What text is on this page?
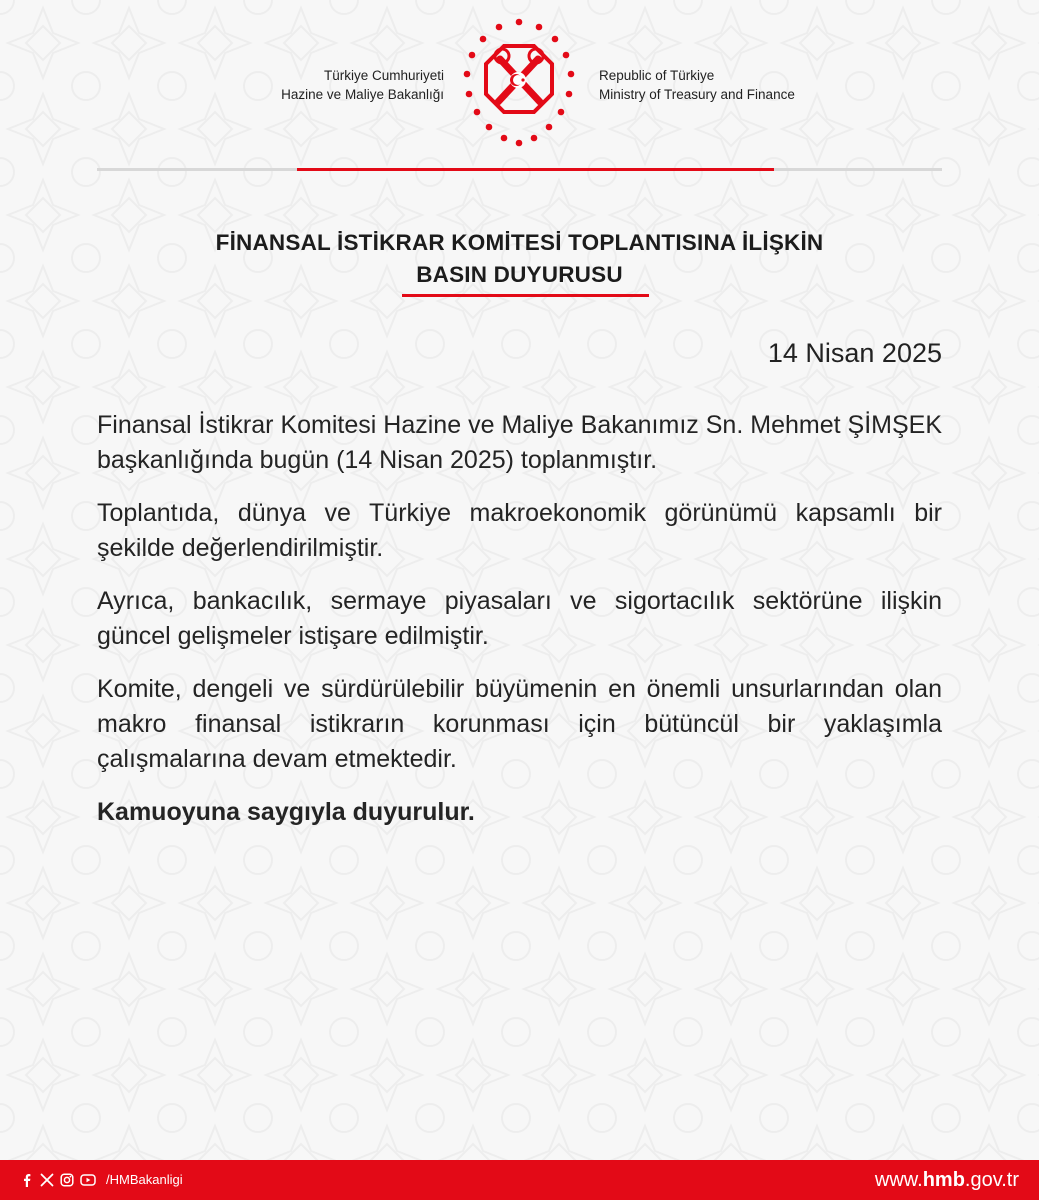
Türkiye Cumhuriyeti
Hazine ve Maliye Bakanlığı
Republic of Türkiye
Ministry of Treasury and Finance
FİNANSAL İSTİKRAR KOMİTESİ TOPLANTISINA İLİŞKİN
BASIN DUYURUSU
14 Nisan 2025

Finansal İstikrar Komitesi Hazine ve Maliye Bakanımız Sn. Mehmet ŞİMŞEK başkanlığında bugün (14 Nisan 2025) toplanmıştır.

Toplantıda, dünya ve Türkiye makroekonomik görünümü kapsamlı bir şekilde değerlendirilmiştir.

Ayrıca, bankacılık, sermaye piyasaları ve sigortacılık sektörüne ilişkin güncel gelişmeler istişare edilmiştir.

Komite, dengeli ve sürdürülebilir büyümenin en önemli unsurlarından olan makro finansal istikrarın korunması için bütüncül bir yaklaşımla çalışmalarına devam etmektedir.

Kamuoyuna saygıyla duyurulur.

/HMBakanligi	www.hmb.gov.tr
